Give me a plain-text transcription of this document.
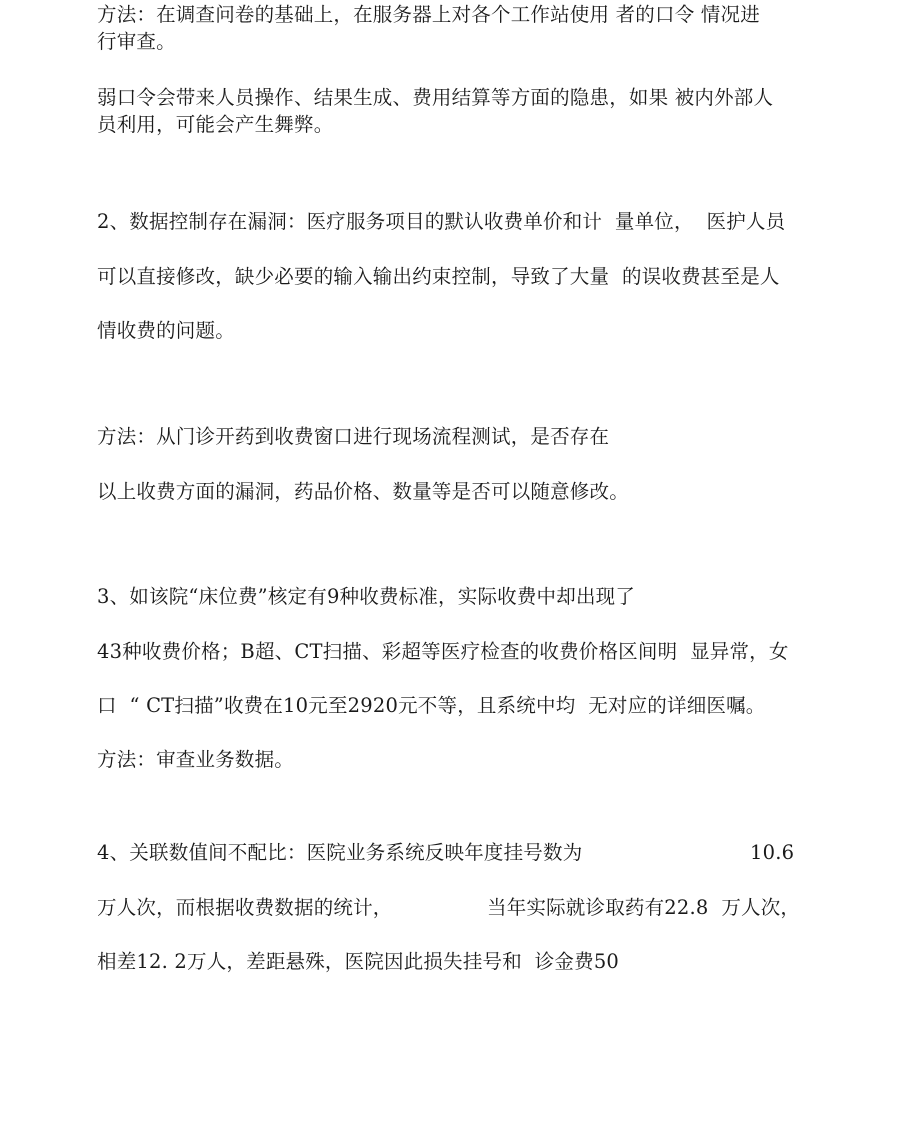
方法：在调查问卷的基础上，在服务器上对各个工作站使用 者的口令 情况进
行审查。
弱口令会带来人员操作、结果生成、费用结算等方面的隐患，如果 被内外部人
员利用，可能会产生舞弊。
2、数据控制存在漏洞：医疗服务项目的默认收费单价和计  量单位，  医护人员
可以直接修改，缺少必要的输入输出约束控制，导致了大量  的误收费甚至是人
情收费的问题。
方法：从门诊开药到收费窗口进行现场流程测试，是否存在
以上收费方面的漏洞，药品价格、数量等是否可以随意修改。
3、如该院“床位费”核定有9种收费标准，实际收费中却出现了
43种收费价格；B超、CT扫描、彩超等医疗检查的收费价格区间明  显异常，女
口  “ CT扫描”收费在10元至2920元不等，且系统中均  无对应的详细医嘱。
方法：审查业务数据。
4、关联数值间不配比：医院业务系统反映年度挂号数为	10.6
万人次，而根据收费数据的统计，	当年实际就诊取药有22.8  万人次，
相差12. 2万人，差距悬殊，医院因此损失挂号和  诊金费50
